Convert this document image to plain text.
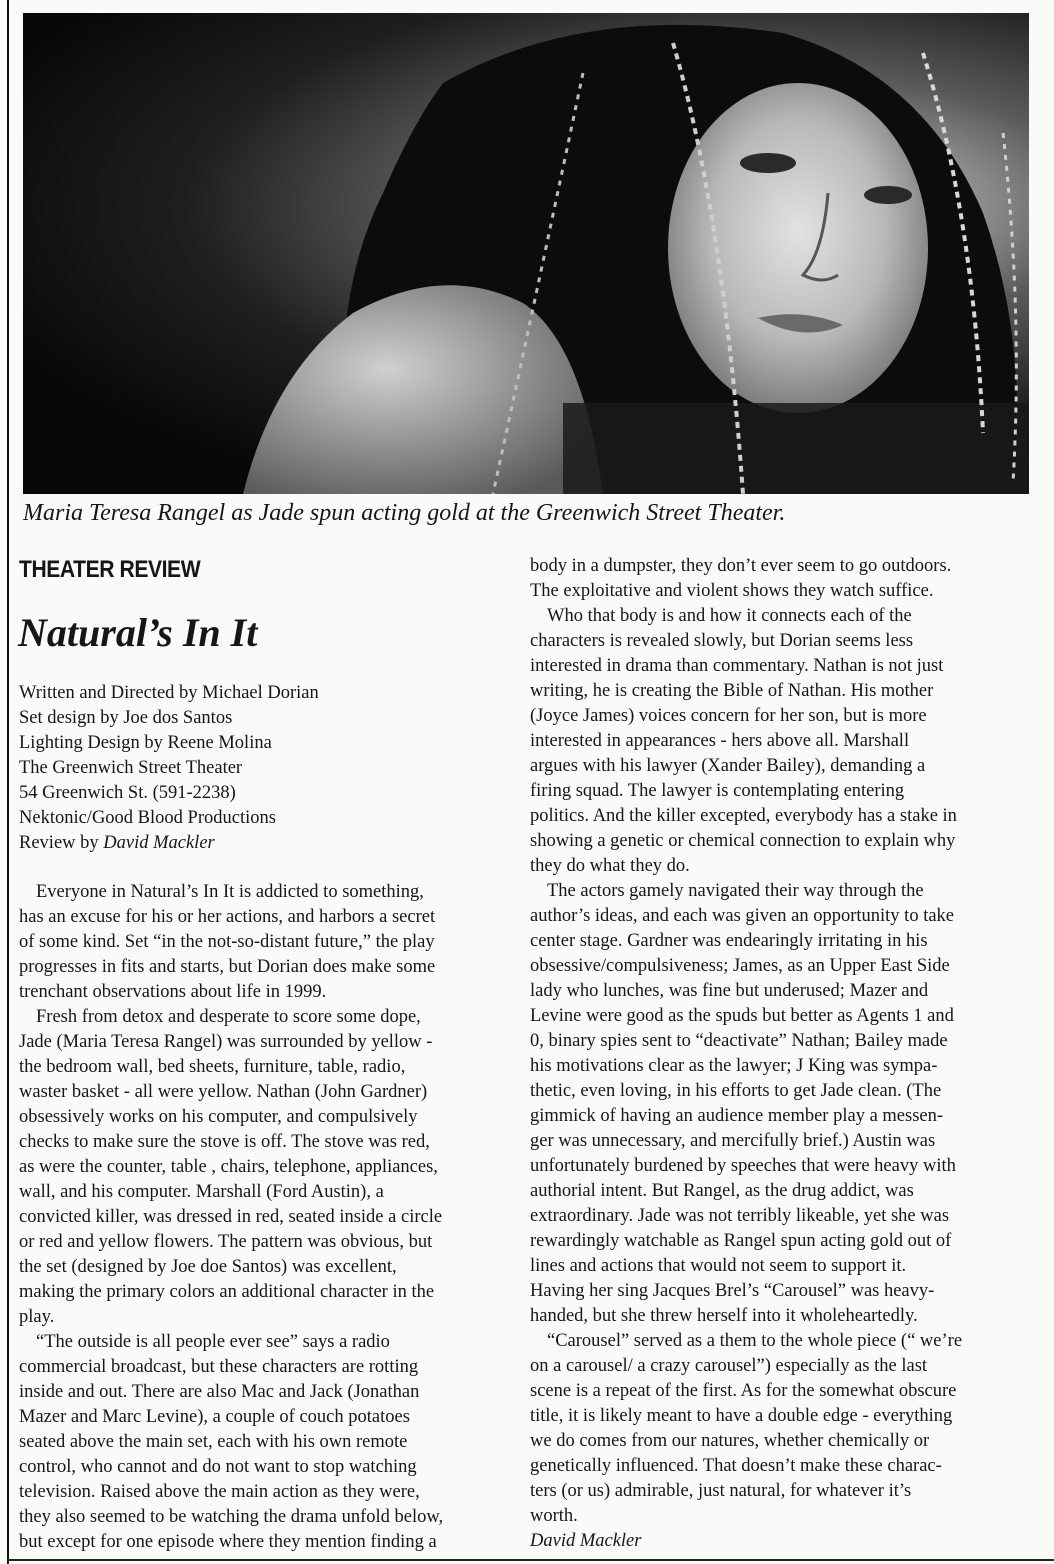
Maria Teresa Rangel as Jade spun acting gold at the Greenwich Street Theater.
THEATER REVIEW
Natural’s In It
Written and Directed by Michael Dorian
Set design by Joe dos Santos
Lighting Design by Reene Molina
The Greenwich Street Theater
54 Greenwich St. (591-2238)
Nektonic/Good Blood Productions
Review by David Mackler

Everyone in Natural’s In It is addicted to something,

has an excuse for his or her actions, and harbors a secret

of some kind. Set “in the not-so-distant future,” the play

progresses in fits and starts, but Dorian does make some

trenchant observations about life in 1999.

Fresh from detox and desperate to score some dope,

Jade (Maria Teresa Rangel) was surrounded by yellow -

the bedroom wall, bed sheets, furniture, table, radio,

waster basket - all were yellow. Nathan (John Gardner)

obsessively works on his computer, and compulsively

checks to make sure the stove is off. The stove was red,

as were the counter, table , chairs, telephone, appliances,

wall, and his computer. Marshall (Ford Austin), a

convicted killer, was dressed in red, seated inside a circle

or red and yellow flowers. The pattern was obvious, but

the set (designed by Joe doe Santos) was excellent,

making the primary colors an additional character in the

play.

“The outside is all people ever see” says a radio

commercial broadcast, but these characters are rotting

inside and out. There are also Mac and Jack (Jonathan

Mazer and Marc Levine), a couple of couch potatoes

seated above the main set, each with his own remote

control, who cannot and do not want to stop watching

television. Raised above the main action as they were,

they also seemed to be watching the drama unfold below,

but except for one episode where they mention finding a

body in a dumpster, they don’t ever seem to go outdoors.

The exploitative and violent shows they watch suffice.

Who that body is and how it connects each of the

characters is revealed slowly, but Dorian seems less

interested in drama than commentary. Nathan is not just

writing, he is creating the Bible of Nathan. His mother

(Joyce James) voices concern for her son, but is more

interested in appearances - hers above all. Marshall

argues with his lawyer (Xander Bailey), demanding a

firing squad. The lawyer is contemplating entering

politics. And the killer excepted, everybody has a stake in

showing a genetic or chemical connection to explain why

they do what they do.

The actors gamely navigated their way through the

author’s ideas, and each was given an opportunity to take

center stage. Gardner was endearingly irritating in his

obsessive/compulsiveness; James, as an Upper East Side

lady who lunches, was fine but underused; Mazer and

Levine were good as the spuds but better as Agents 1 and

0, binary spies sent to “deactivate” Nathan; Bailey made

his motivations clear as the lawyer; J King was sympa-

thetic, even loving, in his efforts to get Jade clean. (The

gimmick of having an audience member play a messen-

ger was unnecessary, and mercifully brief.) Austin was

unfortunately burdened by speeches that were heavy with

authorial intent. But Rangel, as the drug addict, was

extraordinary. Jade was not terribly likeable, yet she was

rewardingly watchable as Rangel spun acting gold out of

lines and actions that would not seem to support it.

Having her sing Jacques Brel’s “Carousel” was heavy-

handed, but she threw herself into it wholeheartedly.

“Carousel” served as a them to the whole piece (“ we’re

on a carousel/ a crazy carousel”) especially as the last

scene is a repeat of the first. As for the somewhat obscure

title, it is likely meant to have a double edge - everything

we do comes from our natures, whether chemically or

genetically influenced. That doesn’t make these charac-

ters (or us) admirable, just natural, for whatever it’s

worth.

David Mackler
